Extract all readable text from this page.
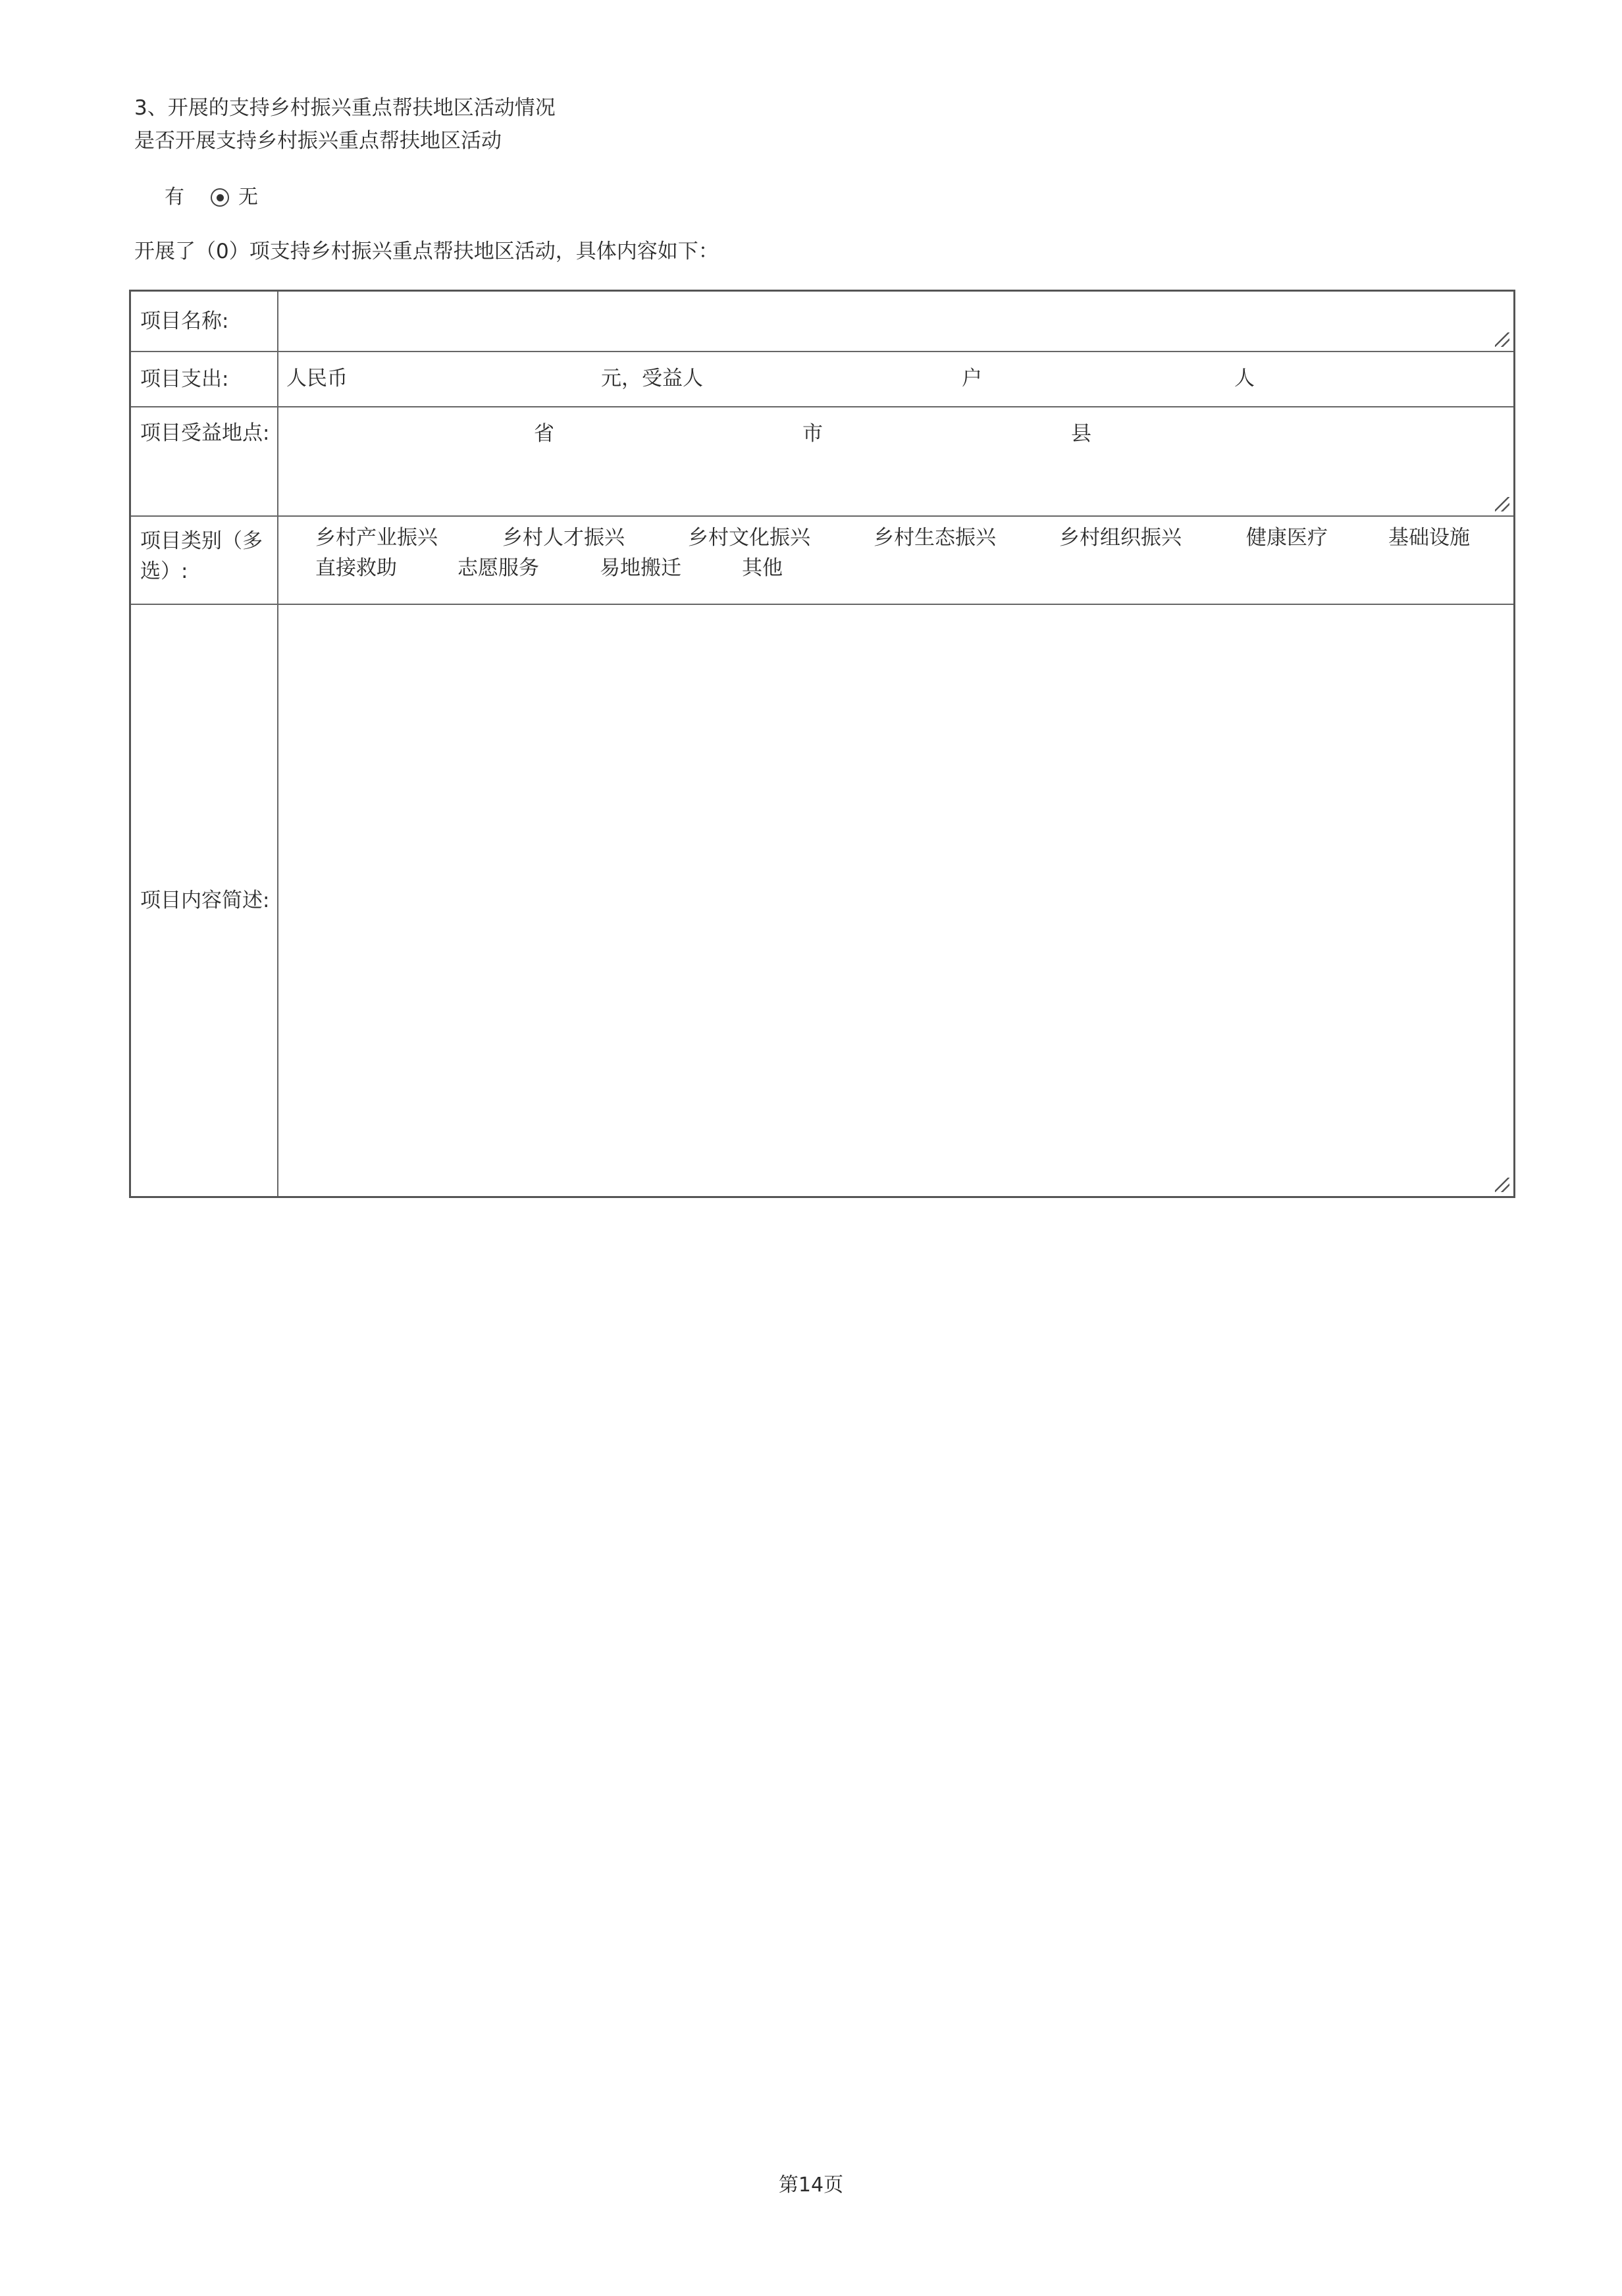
3、开展的支持乡村振兴重点帮扶地区活动情况
是否开展支持乡村振兴重点帮扶地区活动
有	无
开展了（0）项支持乡村振兴重点帮扶地区活动，具体内容如下：
项目名称:
项目支出:	人民币	元，受益人	户	人
项目受益地点:	省	市	县
项目类别（多选）:
乡村产业振兴	乡村人才振兴	乡村文化振兴	乡村生态振兴	乡村组织振兴	健康医疗	基础设施
直接救助	志愿服务	易地搬迁	其他
项目内容简述:
第14页
